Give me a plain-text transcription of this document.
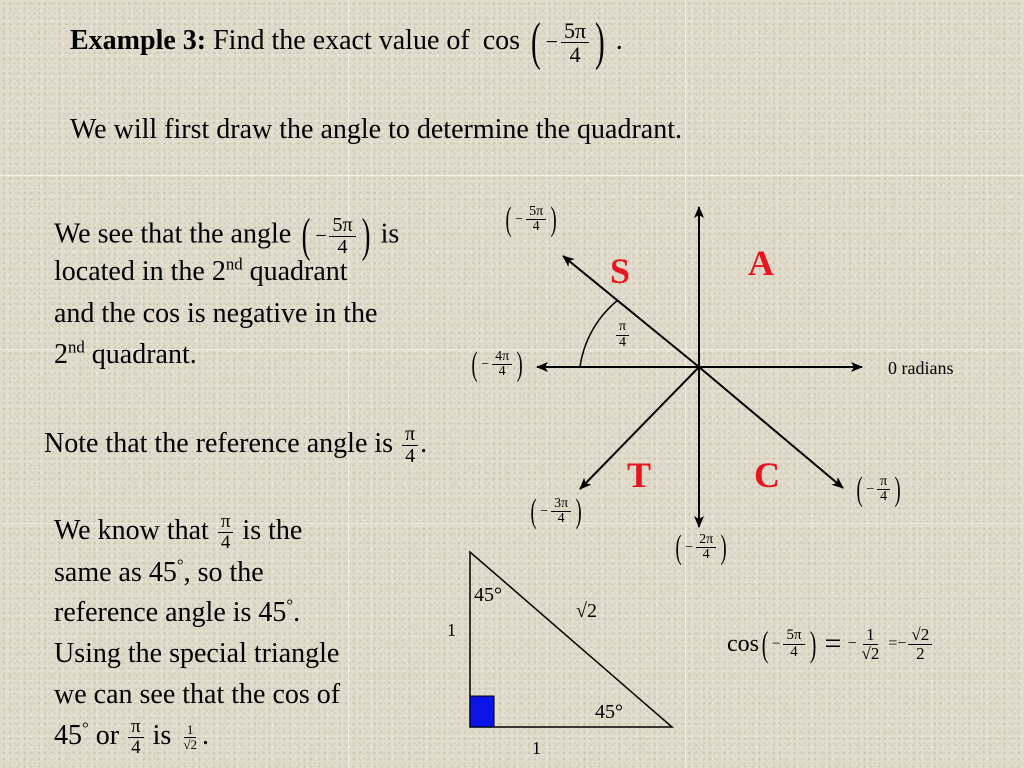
Example 3: Find the exact value of cos ( − $\frac{5\pi}{4}$ ) .
We will first draw the angle to determine the quadrant.
We see that the angle ( − $\frac{5\pi}{4}$ ) is
located in the 2nd quadrant
and the cos is negative in the
2nd quadrant.
Note that the reference angle is $\frac{\pi}{4}$ .
S	A
T	C
0 radians
$\frac{\pi}{4}$
( − $\frac{5\pi}{4}$ )
( − $\frac{4\pi}{4}$ )
( − $\frac{3\pi}{4}$ )
( − $\frac{2\pi}{4}$ )
( − $\frac{\pi}{4}$ )
We know that $\frac{\pi}{4}$ is the
same as 45°, so the
reference angle is 45°.
Using the special triangle
we can see that the cos of
45° or $\frac{\pi}{4}$ is $\frac{1}{√2}$ .
45°
45°
√2
1
1
cos ( − $\frac{5\pi}{4}$ ) = − $\frac{1}{√2}$ = − $\frac{√2}{2}$
